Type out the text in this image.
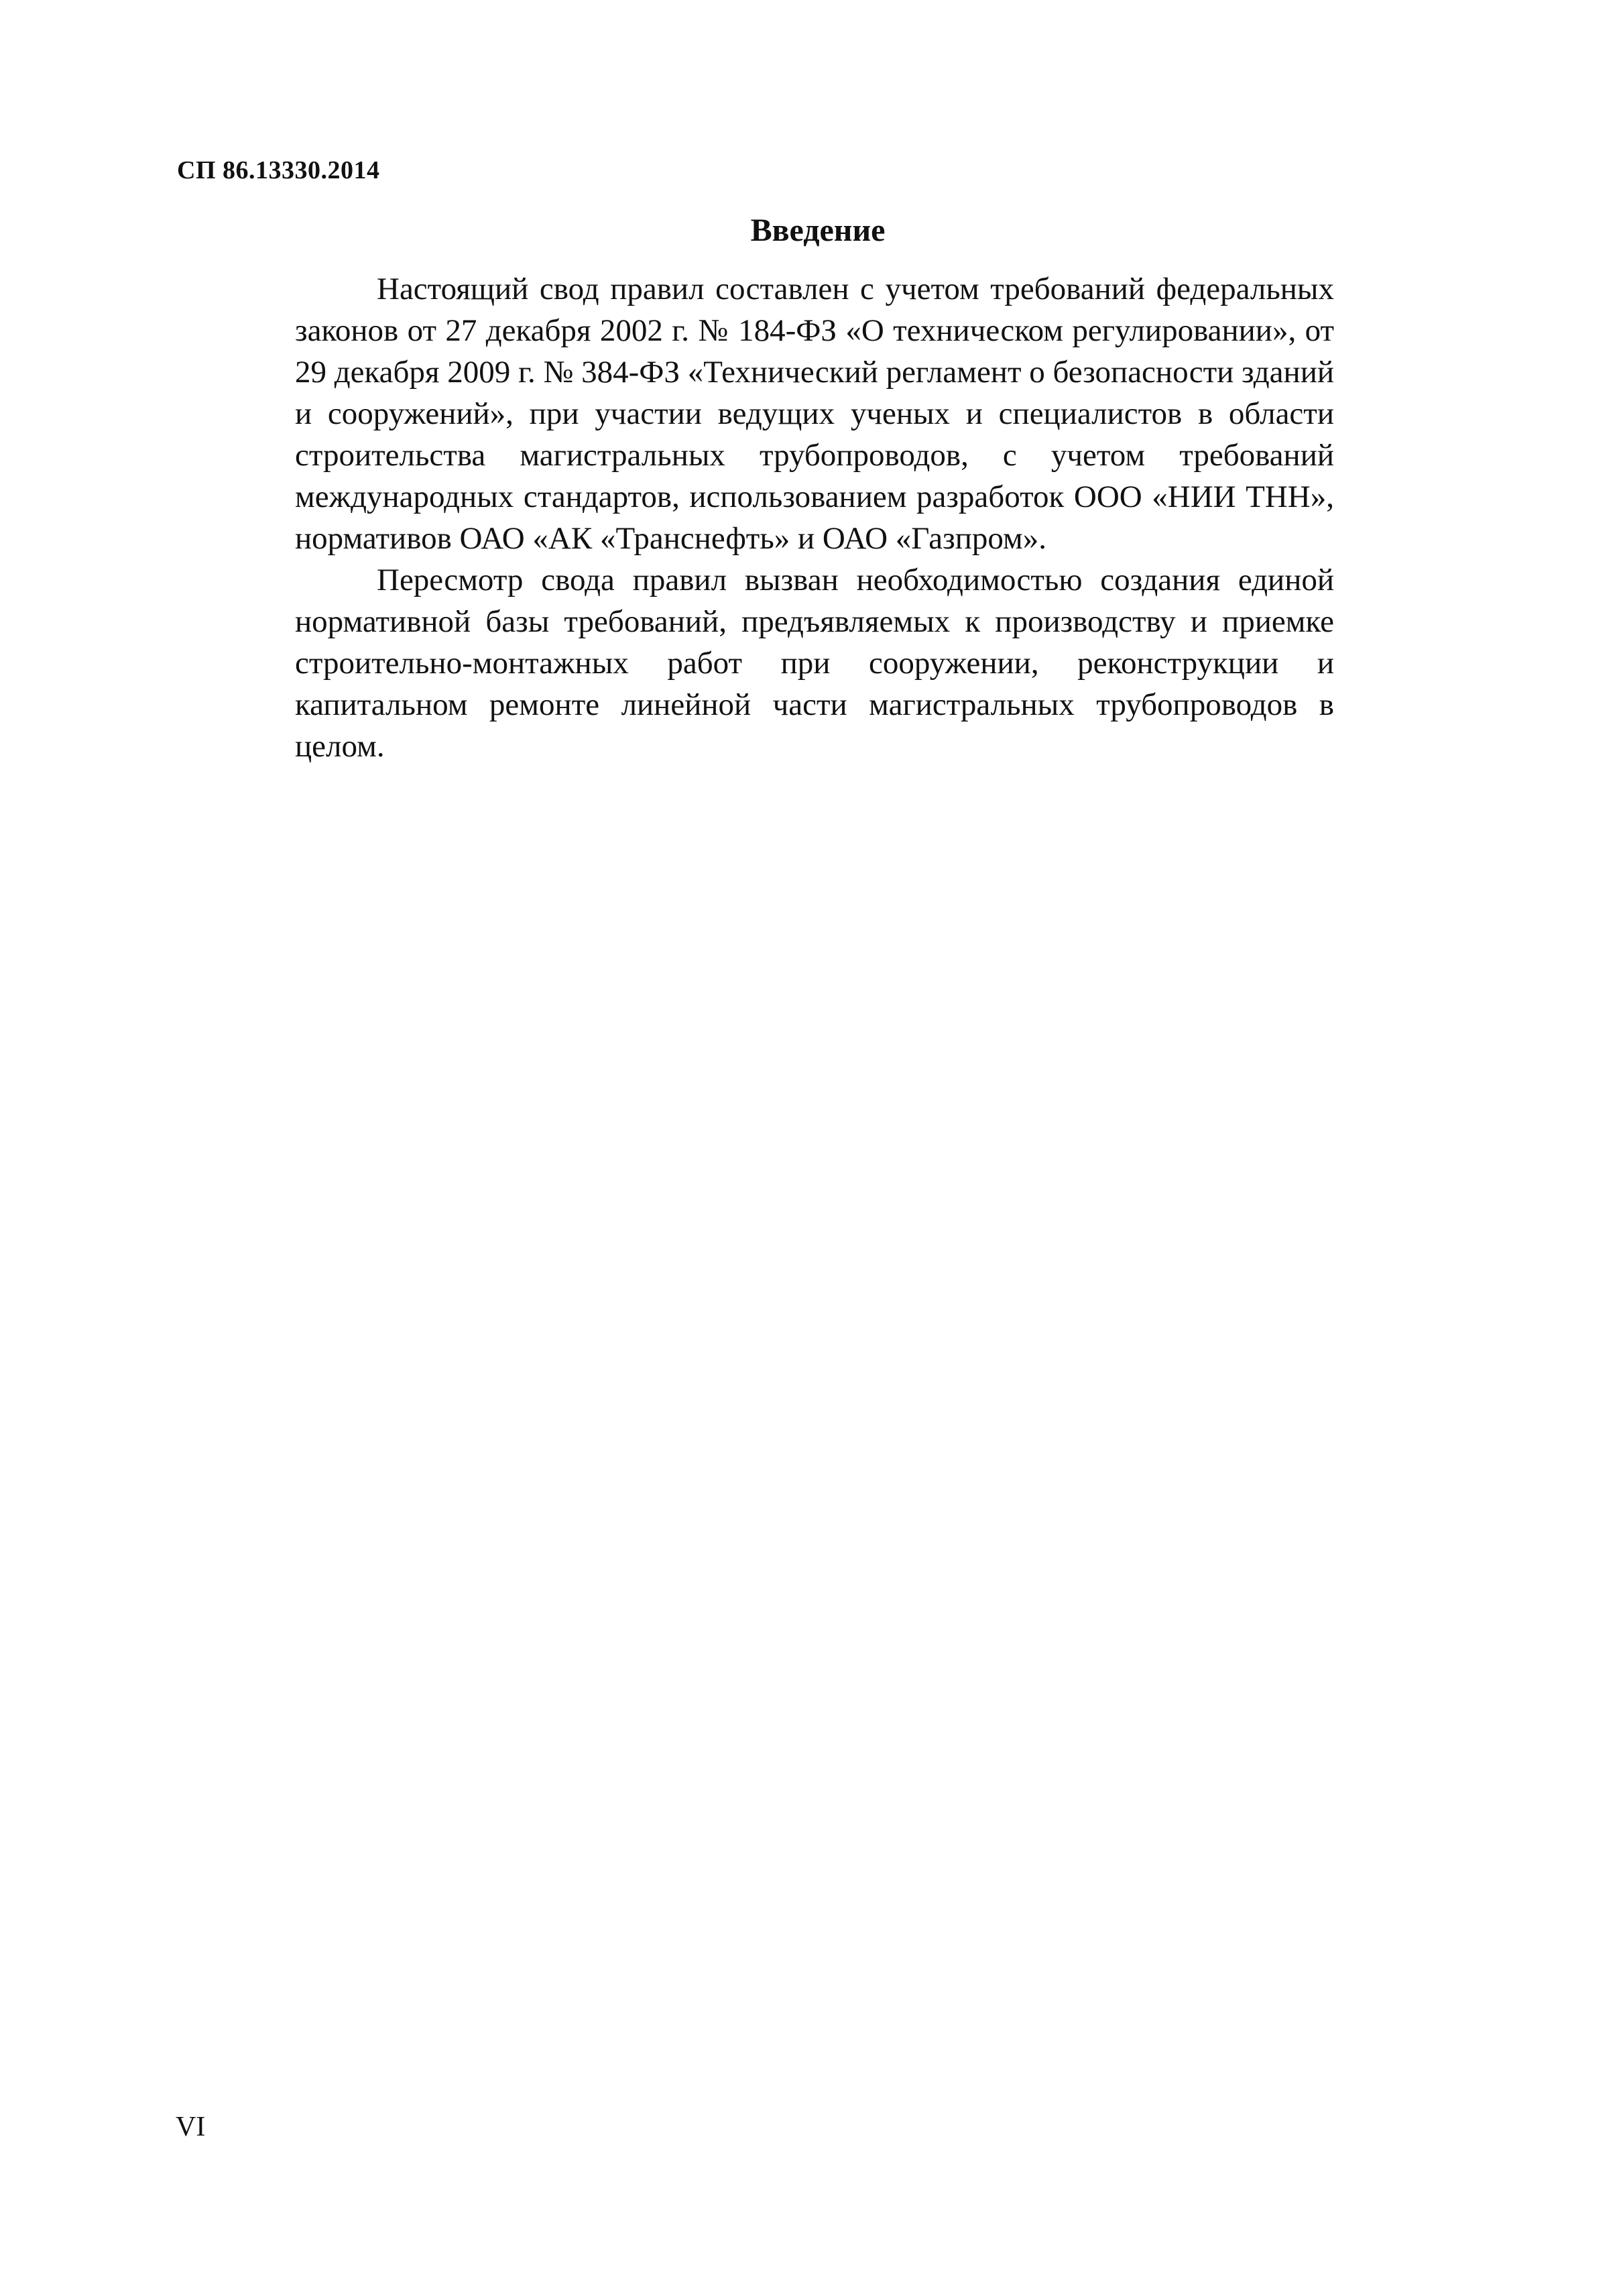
СП 86.13330.2014
Введение

Настоящий свод правил составлен с учетом требований федеральных законов от 27 декабря 2002 г. № 184-ФЗ «О техническом регулировании», от 29 декабря 2009 г. № 384-ФЗ «Технический регламент о безопасности зданий и сооружений», при участии ведущих ученых и специалистов в области строительства магистральных трубопроводов, с учетом требований международных стандартов, использованием разработок ООО «НИИ ТНН», нормативов ОАО «АК «Транснефть» и ОАО «Газпром».

Пересмотр свода правил вызван необходимостью создания единой нормативной базы требований, предъявляемых к производству и приемке строительно-монтажных работ при сооружении, реконструкции и капитальном ремонте линейной части магистральных трубопроводов в целом.

VI
